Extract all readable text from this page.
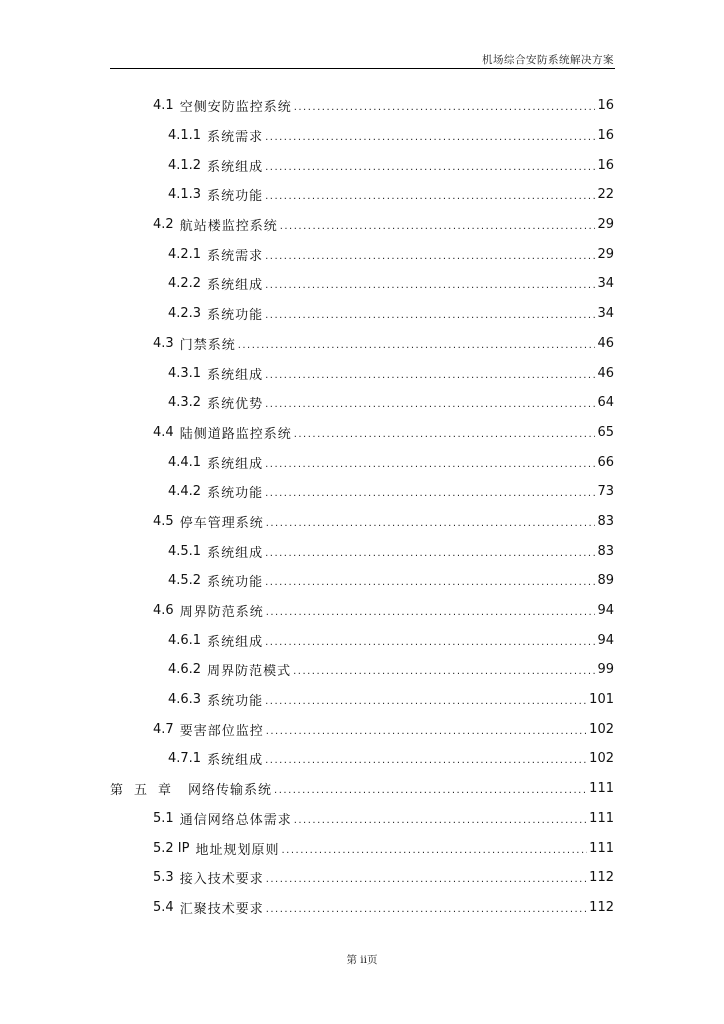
机场综合安防系统解决方案
4.1 空侧安防监控系统 .....	16
4.1.1 系统需求 .....	16
4.1.2 系统组成 .....	16
4.1.3 系统功能 .....	22
4.2 航站楼监控系统 .....	29
4.2.1 系统需求 .....	29
4.2.2 系统组成 .....	34
4.2.3 系统功能 .....	34
4.3 门禁系统 .....	46
4.3.1 系统组成 .....	46
4.3.2 系统优势 .....	64
4.4 陆侧道路监控系统 .....	65
4.4.1 系统组成 .....	66
4.4.2 系统功能 .....	73
4.5 停车管理系统 .....	83
4.5.1 系统组成 .....	83
4.5.2 系统功能 .....	89
4.6 周界防范系统 .....	94
4.6.1 系统组成 .....	94
4.6.2 周界防范模式 .....	99
4.6.3 系统功能 .....	101
4.7 要害部位监控 .....	102
4.7.1 系统组成 .....	102
第五章 网络传输系统 .....	111
5.1 通信网络总体需求 .....	111
5.2 IP 地址规划原则 .....	111
5.3 接入技术要求 .....	112
5.4 汇聚技术要求 .....	112
第 ii页
